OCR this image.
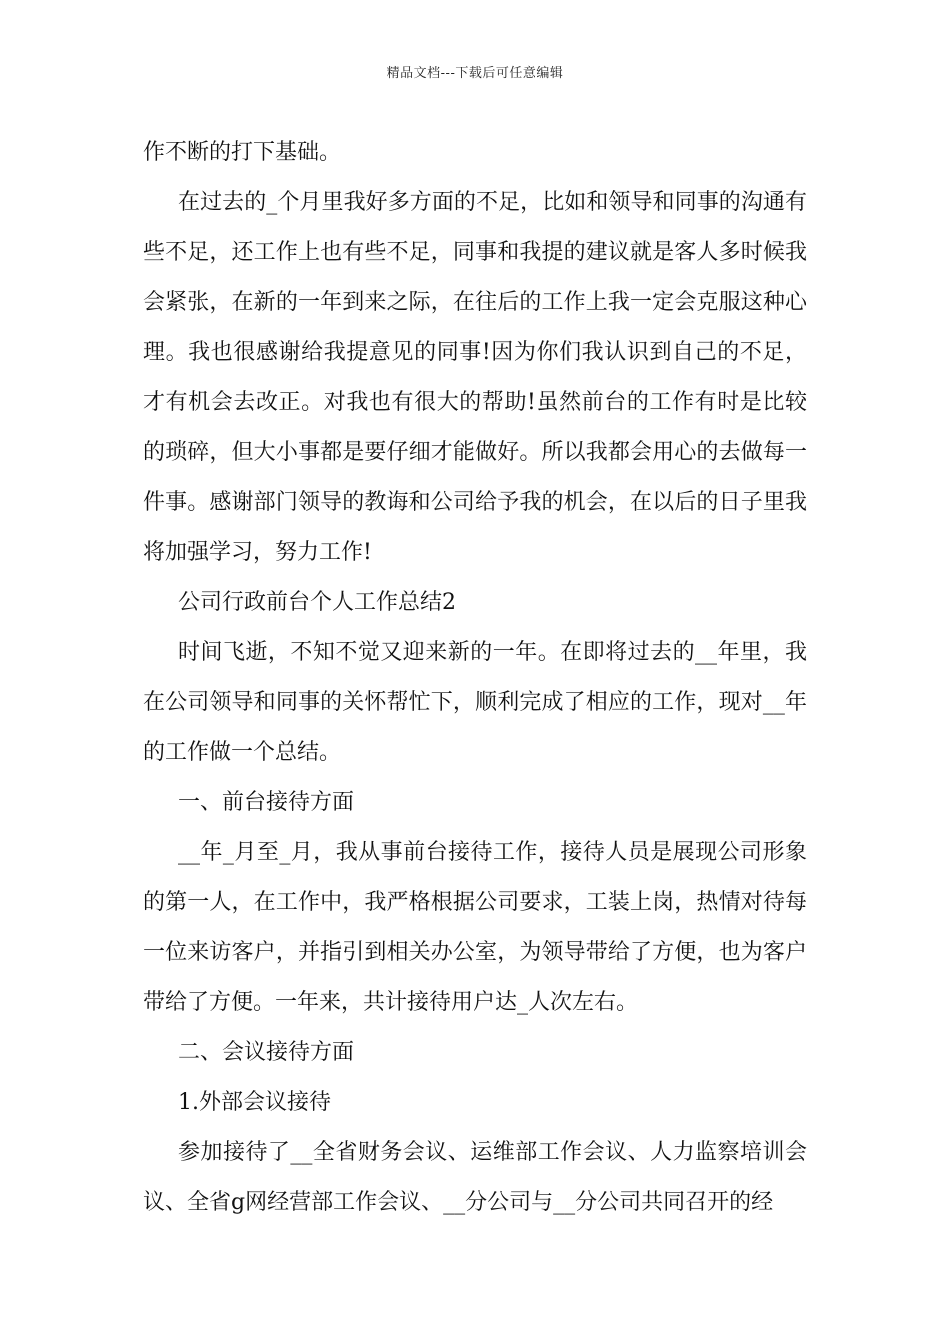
精品文档---下载后可任意编辑

作不断的打下基础。

在过去的_个月里我好多方面的不足，比如和领导和同事的沟通有些不足，还工作上也有些不足，同事和我提的建议就是客人多时候我会紧张，在新的一年到来之际，在往后的工作上我一定会克服这种心理。我也很感谢给我提意见的同事!因为你们我认识到自己的不足，才有机会去改正。对我也有很大的帮助!虽然前台的工作有时是比较的琐碎，但大小事都是要仔细才能做好。所以我都会用心的去做每一件事。感谢部门领导的教诲和公司给予我的机会，在以后的日子里我将加强学习，努力工作!

公司行政前台个人工作总结2

时间飞逝，不知不觉又迎来新的一年。在即将过去的__年里，我在公司领导和同事的关怀帮忙下，顺利完成了相应的工作，现对__年的工作做一个总结。

一、前台接待方面

__年_月至_月，我从事前台接待工作，接待人员是展现公司形象的第一人，在工作中，我严格根据公司要求，工装上岗，热情对待每一位来访客户，并指引到相关办公室，为领导带给了方便，也为客户带给了方便。一年来，共计接待用户达_人次左右。

二、会议接待方面

1.外部会议接待

参加接待了__全省财务会议、运维部工作会议、人力监察培训会议、全省g网经营部工作会议、__分公司与__分公司共同召开的经
